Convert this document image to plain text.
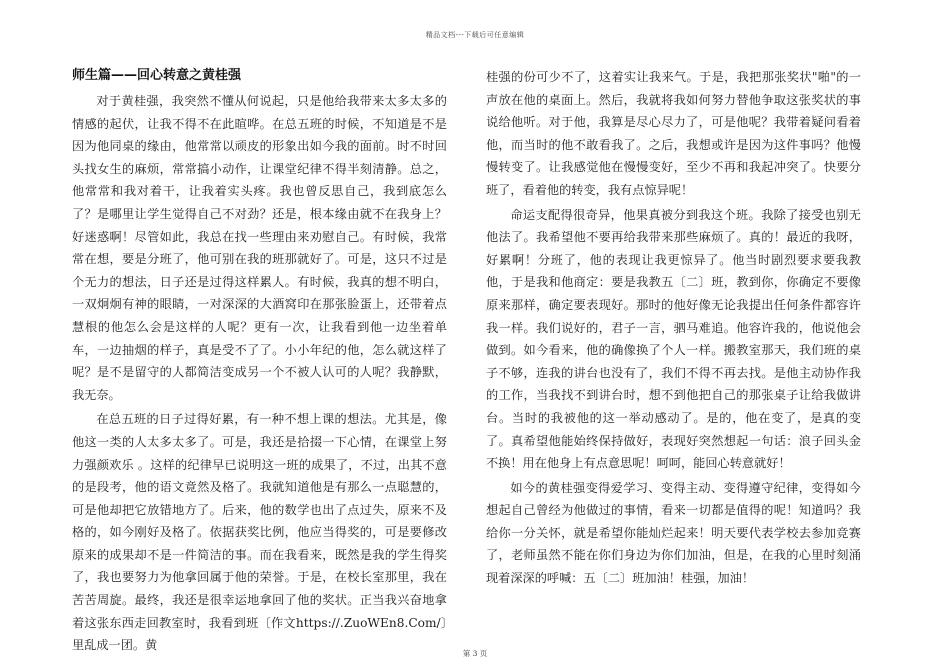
精品文档---下载后可任意编辑
师生篇——回心转意之黄桂强

对于黄桂强，我突然不懂从何说起，只是他给我带来太多太多的情感的起伏，让我不得不在此暄哗。在总五班的时候，不知道是不是因为他同桌的缘由，他常常以顽皮的形象出如今我的面前。时不时回头找女生的麻烦，常常搞小动作，让课堂纪律不得半刻清静。总之，他常常和我对着干，让我着实头疼。我也曾反思自己，我到底怎么了？是哪里让学生觉得自己不对劲？还是，根本缘由就不在我身上？好迷惑啊！尽管如此，我总在找一些理由来劝慰自己。有时候，我常常在想，要是分班了，他可别在我的班那就好了。可是，这只不过是个无力的想法，日子还是过得这样累人。有时候，我真的想不明白，一双炯炯有神的眼睛，一对深深的大酒窝印在那张脸蛋上，还带着点慧根的他怎么会是这样的人呢？更有一次，让我看到他一边坐着单车，一边抽烟的样子，真是受不了了。小小年纪的他，怎么就这样了呢？是不是留守的人都简洁变成另一个不被人认可的人呢？我静默，我无奈。

在总五班的日子过得好累，有一种不想上课的想法。尤其是，像他这一类的人太多太多了。可是，我还是拾掇一下心情，在课堂上努力强颜欢乐 。这样的纪律早已说明这一班的成果了，不过，出其不意的是段考，他的语文竟然及格了。我就知道他是有那么一点聪慧的，可是他却把它放错地方了。后来，他的数学也出了点过失，原来不及格的，如今刚好及格了。依据获奖比例，他应当得奖的，可是要修改原来的成果却不是一件简洁的事。而在我看来，既然是我的学生得奖了，我也要努力为他拿回属于他的荣誉。于是，在校长室那里，我在苦苦周旋。最终，我还是很幸运地拿回了他的奖状。正当我兴奋地拿着这张东西走回教室时，我看到班〔作文https://.ZuoWEn8.Com/〕里乱成一团。黄

桂强的份可少不了，这着实让我来气。于是，我把那张奖状"啪"的一声放在他的桌面上。然后，我就将我如何努力替他争取这张奖状的事说给他听。对于他，我算是尽心尽力了，可是他呢？我带着疑问看着他，而当时的他不敢看我了。之后，我想或许是因为这件事吗？他慢慢转变了。让我感觉他在慢慢变好，至少不再和我起冲突了。快要分班了，看着他的转变，我有点惊异呢！

命运支配得很奇异，他果真被分到我这个班。我除了接受也别无他法了。我希望他不要再给我带来那些麻烦了。真的！最近的我呀，好累啊！分班了，他的表现让我更惊异了。他当时剧烈要求要我教他，于是我和他商定：要是我教五〔二〕班，教到你，你确定不要像原来那样，确定要表现好。那时的他好像无论我提出任何条件都容许我一样。我们说好的，君子一言，驷马难追。他容许我的，他说他会做到。如今看来，他的确像换了个人一样。搬教室那天，我们班的桌子不够，连我的讲台也没有了，我们不得不再去找。是他主动协作我的工作，当我找不到讲台时，想不到他把自己的那张桌子让给我做讲台。当时的我被他的这一举动感动了。是的，他在变了，是真的变了。真希望他能始终保持做好，表现好突然想起一句话：浪子回头金不换！用在他身上有点意思呢！呵呵，能回心转意就好！

如今的黄桂强变得爱学习、变得主动、变得遵守纪律，变得如今想起自己曾经为他做过的事情，看来一切都是值得的呢！知道吗？我给你一分关怀，就是希望你能灿烂起来！明天要代表学校去参加竞赛了，老师虽然不能在你们身边为你们加油，但是，在我的心里时刻涌现着深深的呼喊：五〔二〕班加油！桂强，加油！

第 3 页
